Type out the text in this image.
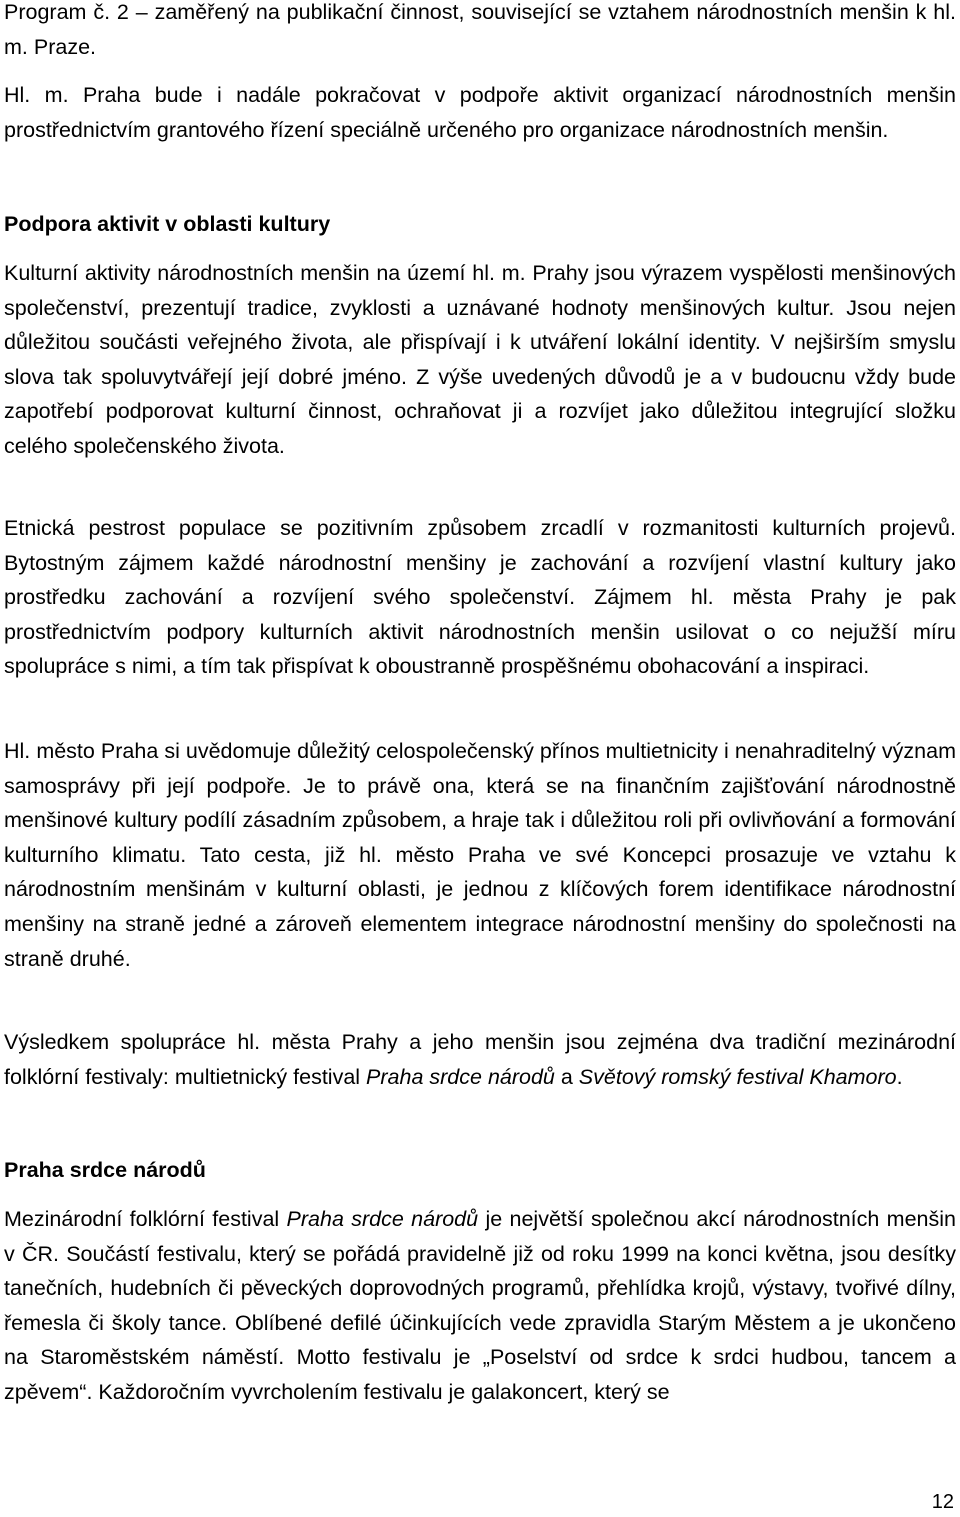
Program č. 2 – zaměřený na publikační činnost, související se vztahem národnostních menšin k hl. m. Praze.

Hl. m. Praha bude i nadále pokračovat v podpoře aktivit organizací národnostních menšin prostřednictvím grantového řízení speciálně určeného pro organizace národnostních menšin.

Podpora aktivit v oblasti kultury

Kulturní aktivity národnostních menšin na území hl. m. Prahy jsou výrazem vyspělosti menšinových společenství, prezentují tradice, zvyklosti a uznávané hodnoty menšinových kultur. Jsou nejen důležitou součásti veřejného života, ale přispívají i k utváření lokální identity. V nejširším smyslu slova tak spoluvytvářejí její dobré jméno. Z výše uvedených důvodů je a v budoucnu vždy bude zapotřebí podporovat kulturní činnost, ochraňovat ji a rozvíjet jako důležitou integrující složku celého společenského života.

Etnická pestrost populace se pozitivním způsobem zrcadlí v rozmanitosti kulturních projevů. Bytostným zájmem každé národnostní menšiny je zachování a rozvíjení vlastní kultury jako prostředku zachování a rozvíjení svého společenství. Zájmem hl. města Prahy je pak prostřednictvím podpory kulturních aktivit národnostních menšin usilovat o co nejužší míru spolupráce s nimi, a tím tak přispívat k oboustranně prospěšnému obohacování a inspiraci.

Hl. město Praha si uvědomuje důležitý celospolečenský přínos multietnicity i nenahraditelný význam samosprávy při její podpoře. Je to právě ona, která se na finančním zajišťování národnostně menšinové kultury podílí zásadním způsobem, a hraje tak i důležitou roli při ovlivňování a formování kulturního klimatu. Tato cesta, již hl. město Praha ve své Koncepci prosazuje ve vztahu k národnostním menšinám v kulturní oblasti, je jednou z klíčových forem identifikace národnostní menšiny na straně jedné a zároveň elementem integrace národnostní menšiny do společnosti na straně druhé.

Výsledkem spolupráce hl. města Prahy a jeho menšin jsou zejména dva tradiční mezinárodní folklórní festivaly: multietnický festival Praha srdce národů a Světový romský festival Khamoro.

Praha srdce národů

Mezinárodní folklórní festival Praha srdce národů je největší společnou akcí národnostních menšin v ČR. Součástí festivalu, který se pořádá pravidelně již od roku 1999 na konci května, jsou desítky tanečních, hudebních či pěveckých doprovodných programů, přehlídka krojů, výstavy, tvořivé dílny, řemesla či školy tance. Oblíbené defilé účinkujících vede zpravidla Starým Městem a je ukončeno na Staroměstském náměstí. Motto festivalu je „Poselství od srdce k srdci hudbou, tancem a zpěvem“. Každoročním vyvrcholením festivalu je galakoncert, který se

12
